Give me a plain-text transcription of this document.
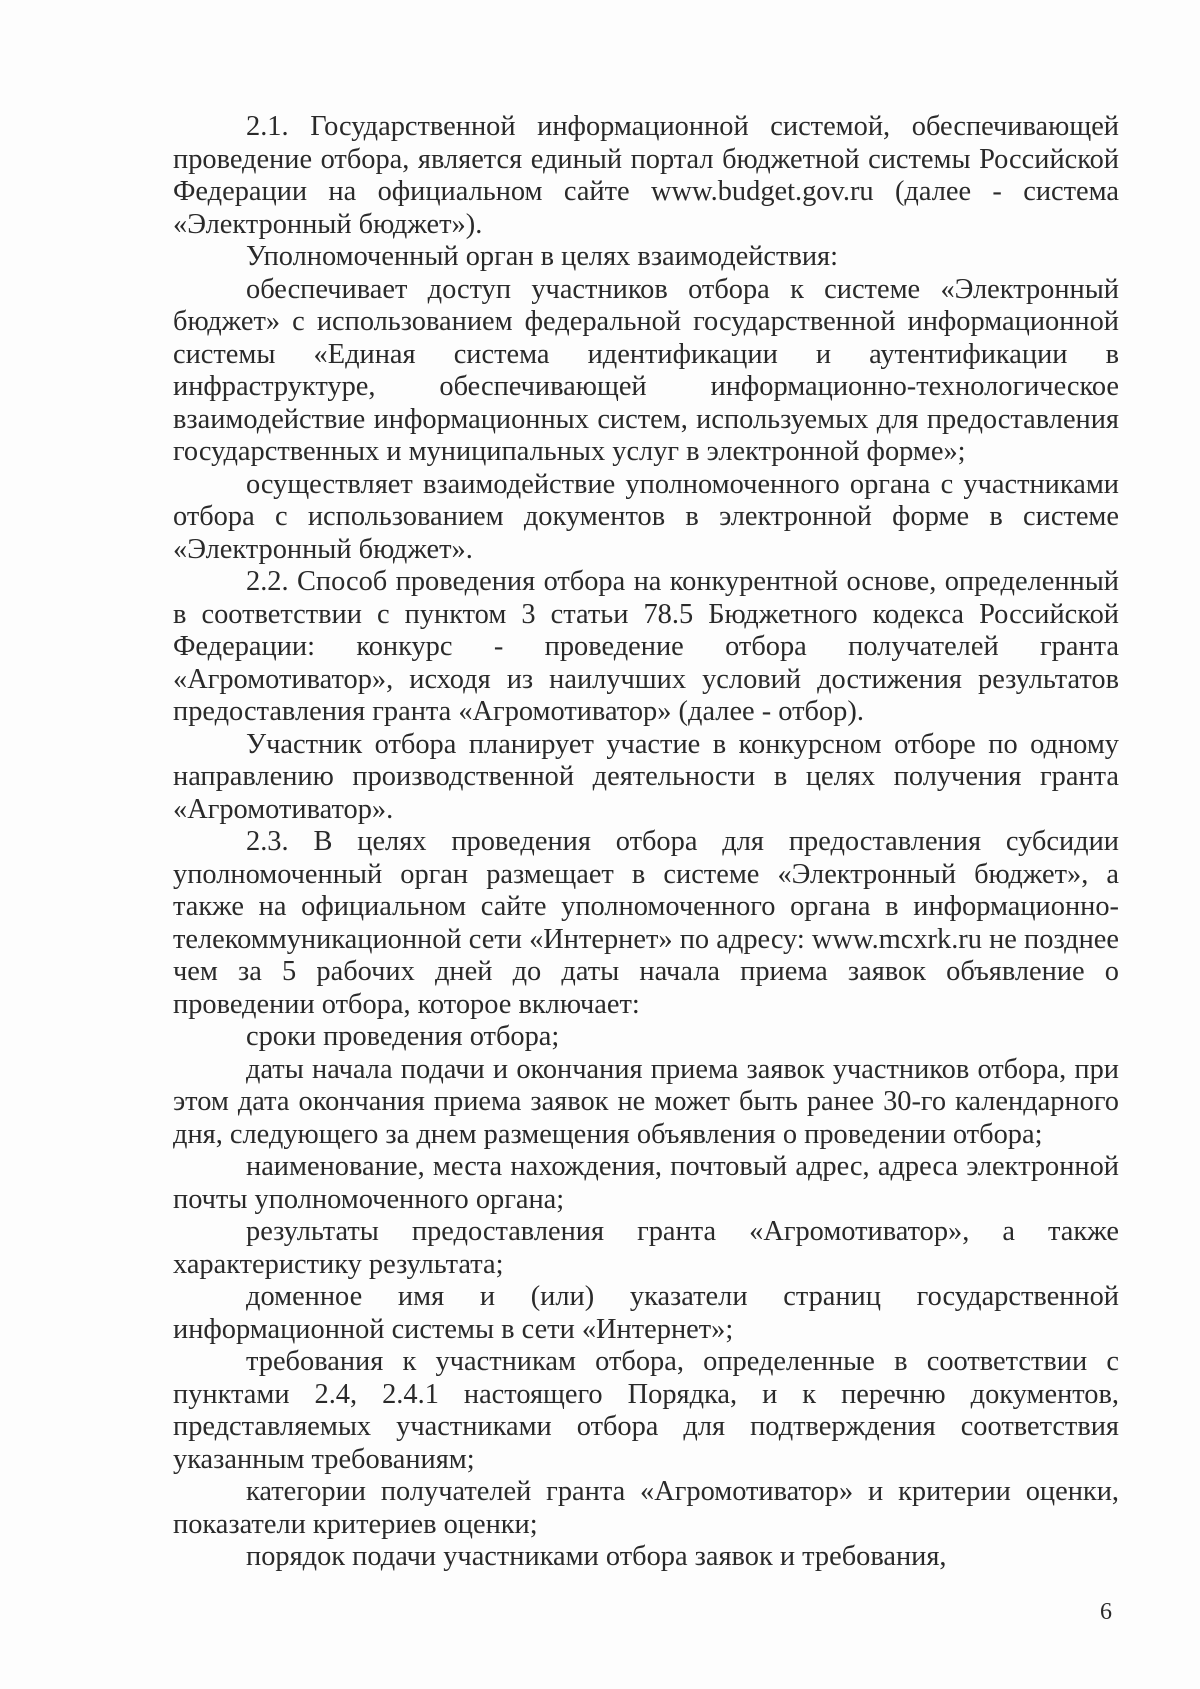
2.1. Государственной информационной системой, обеспечивающей проведение отбора, является единый портал бюджетной системы Российской Федерации на официальном сайте www.budget.gov.ru (далее - система «Электронный бюджет»).

Уполномоченный орган в целях взаимодействия:

обеспечивает доступ участников отбора к системе «Электронный бюджет» с использованием федеральной государственной информационной системы «Единая система идентификации и аутентификации в инфраструктуре, обеспечивающей информационно-технологическое взаимодействие информационных систем, используемых для предоставления государственных и муниципальных услуг в электронной форме»;

осуществляет взаимодействие уполномоченного органа с участниками отбора с использованием документов в электронной форме в системе «Электронный бюджет».

2.2. Способ проведения отбора на конкурентной основе, определенный в соответствии с пунктом 3 статьи 78.5 Бюджетного кодекса Российской Федерации: конкурс - проведение отбора получателей гранта «Агромотиватор», исходя из наилучших условий достижения результатов предоставления гранта «Агромотиватор» (далее - отбор).

Участник отбора планирует участие в конкурсном отборе по одному направлению производственной деятельности в целях получения гранта «Агромотиватор».

2.3. В целях проведения отбора для предоставления субсидии уполномоченный орган размещает в системе «Электронный бюджет», а также на официальном сайте уполномоченного органа в информационно-телекоммуникационной сети «Интернет» по адресу: www.mcxrk.ru не позднее чем за 5 рабочих дней до даты начала приема заявок объявление о проведении отбора, которое включает:

сроки проведения отбора;

даты начала подачи и окончания приема заявок участников отбора, при этом дата окончания приема заявок не может быть ранее 30-го календарного дня, следующего за днем размещения объявления о проведении отбора;

наименование, места нахождения, почтовый адрес, адреса электронной почты уполномоченного органа;

результаты предоставления гранта «Агромотиватор», а также характеристику результата;

доменное имя и (или) указатели страниц государственной информационной системы в сети «Интернет»;

требования к участникам отбора, определенные в соответствии с пунктами 2.4, 2.4.1 настоящего Порядка, и к перечню документов, представляемых участниками отбора для подтверждения соответствия указанным требованиям;

категории получателей гранта «Агромотиватор» и критерии оценки, показатели критериев оценки;

порядок подачи участниками отбора заявок и требования,

6
